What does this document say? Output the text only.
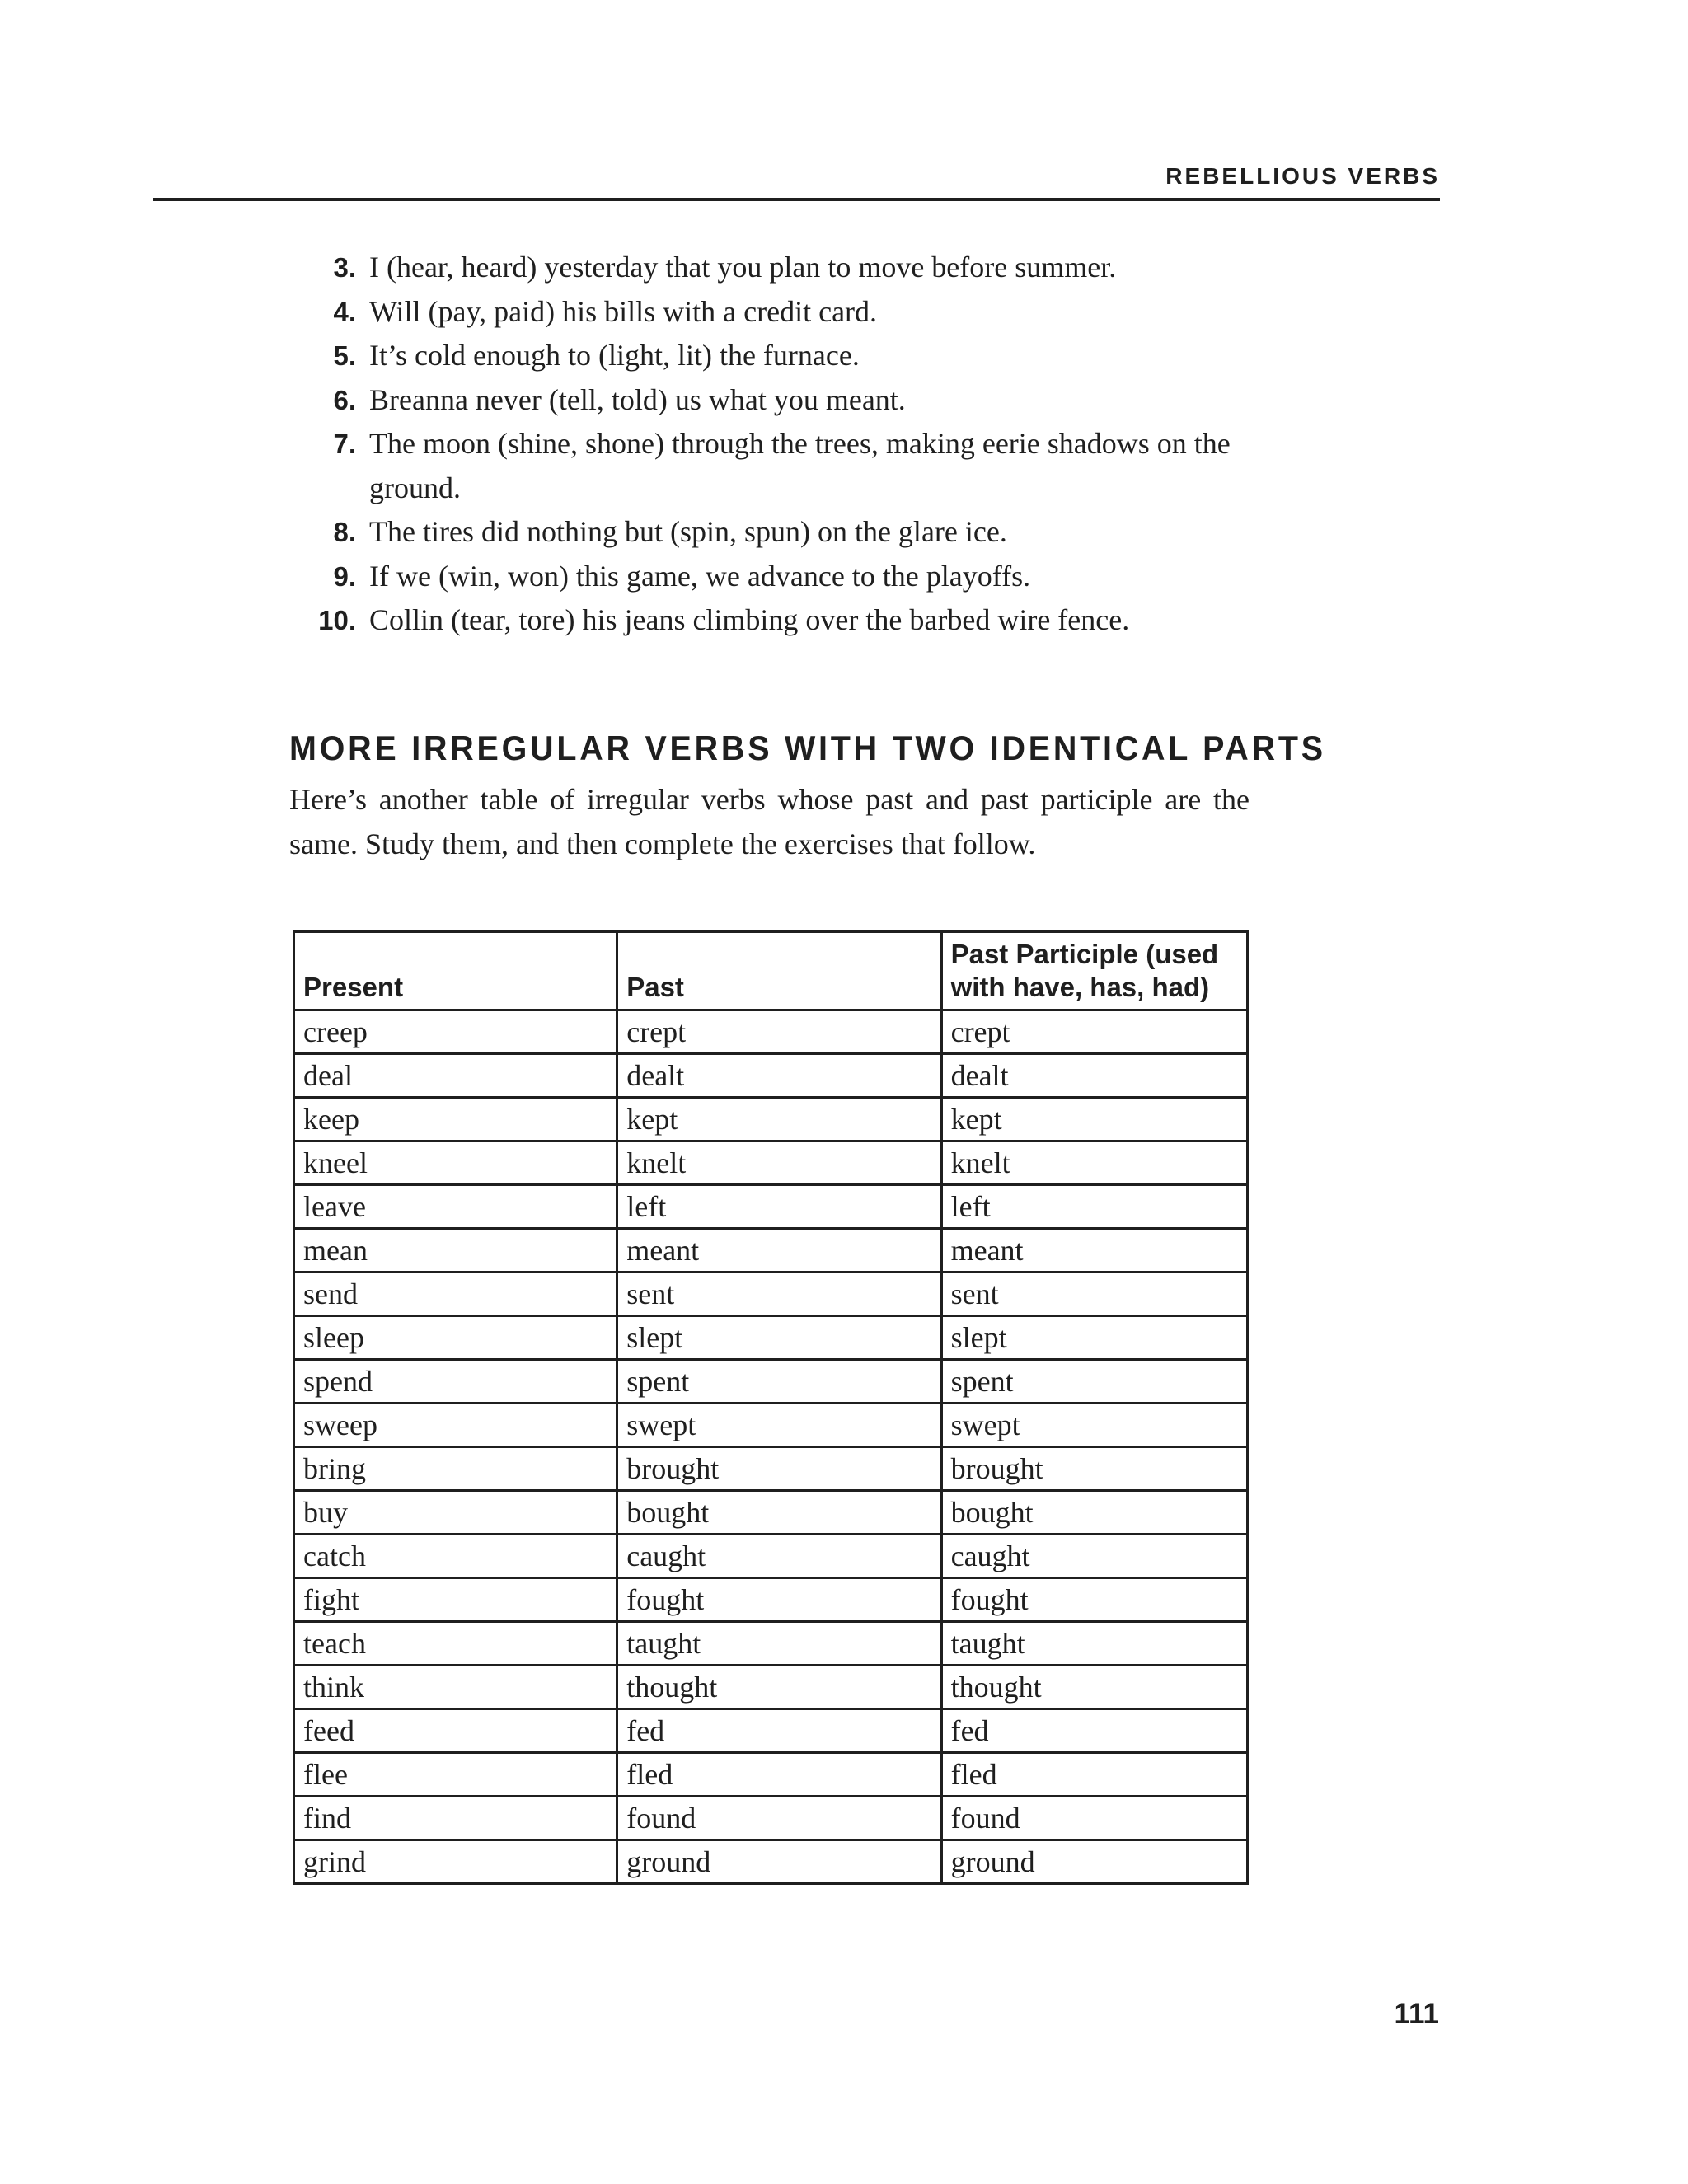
REBELLIOUS VERBS
3. I (hear, heard) yesterday that you plan to move before summer.
4. Will (pay, paid) his bills with a credit card.
5. It’s cold enough to (light, lit) the furnace.
6. Breanna never (tell, told) us what you meant.
7. The moon (shine, shone) through the trees, making eerie shadows on the ground.
8. The tires did nothing but (spin, spun) on the glare ice.
9. If we (win, won) this game, we advance to the playoffs.
10. Collin (tear, tore) his jeans climbing over the barbed wire fence.
MORE IRREGULAR VERBS WITH TWO IDENTICAL PARTS

Here’s another table of irregular verbs whose past and past participle are the same. Study them, and then complete the exercises that follow.

Present	Past	Past Participle (used with have, has, had)
creep	crept	crept
deal	dealt	dealt
keep	kept	kept
kneel	knelt	knelt
leave	left	left
mean	meant	meant
send	sent	sent
sleep	slept	slept
spend	spent	spent
sweep	swept	swept
bring	brought	brought
buy	bought	bought
catch	caught	caught
fight	fought	fought
teach	taught	taught
think	thought	thought
feed	fed	fed
flee	fled	fled
find	found	found
grind	ground	ground
111
